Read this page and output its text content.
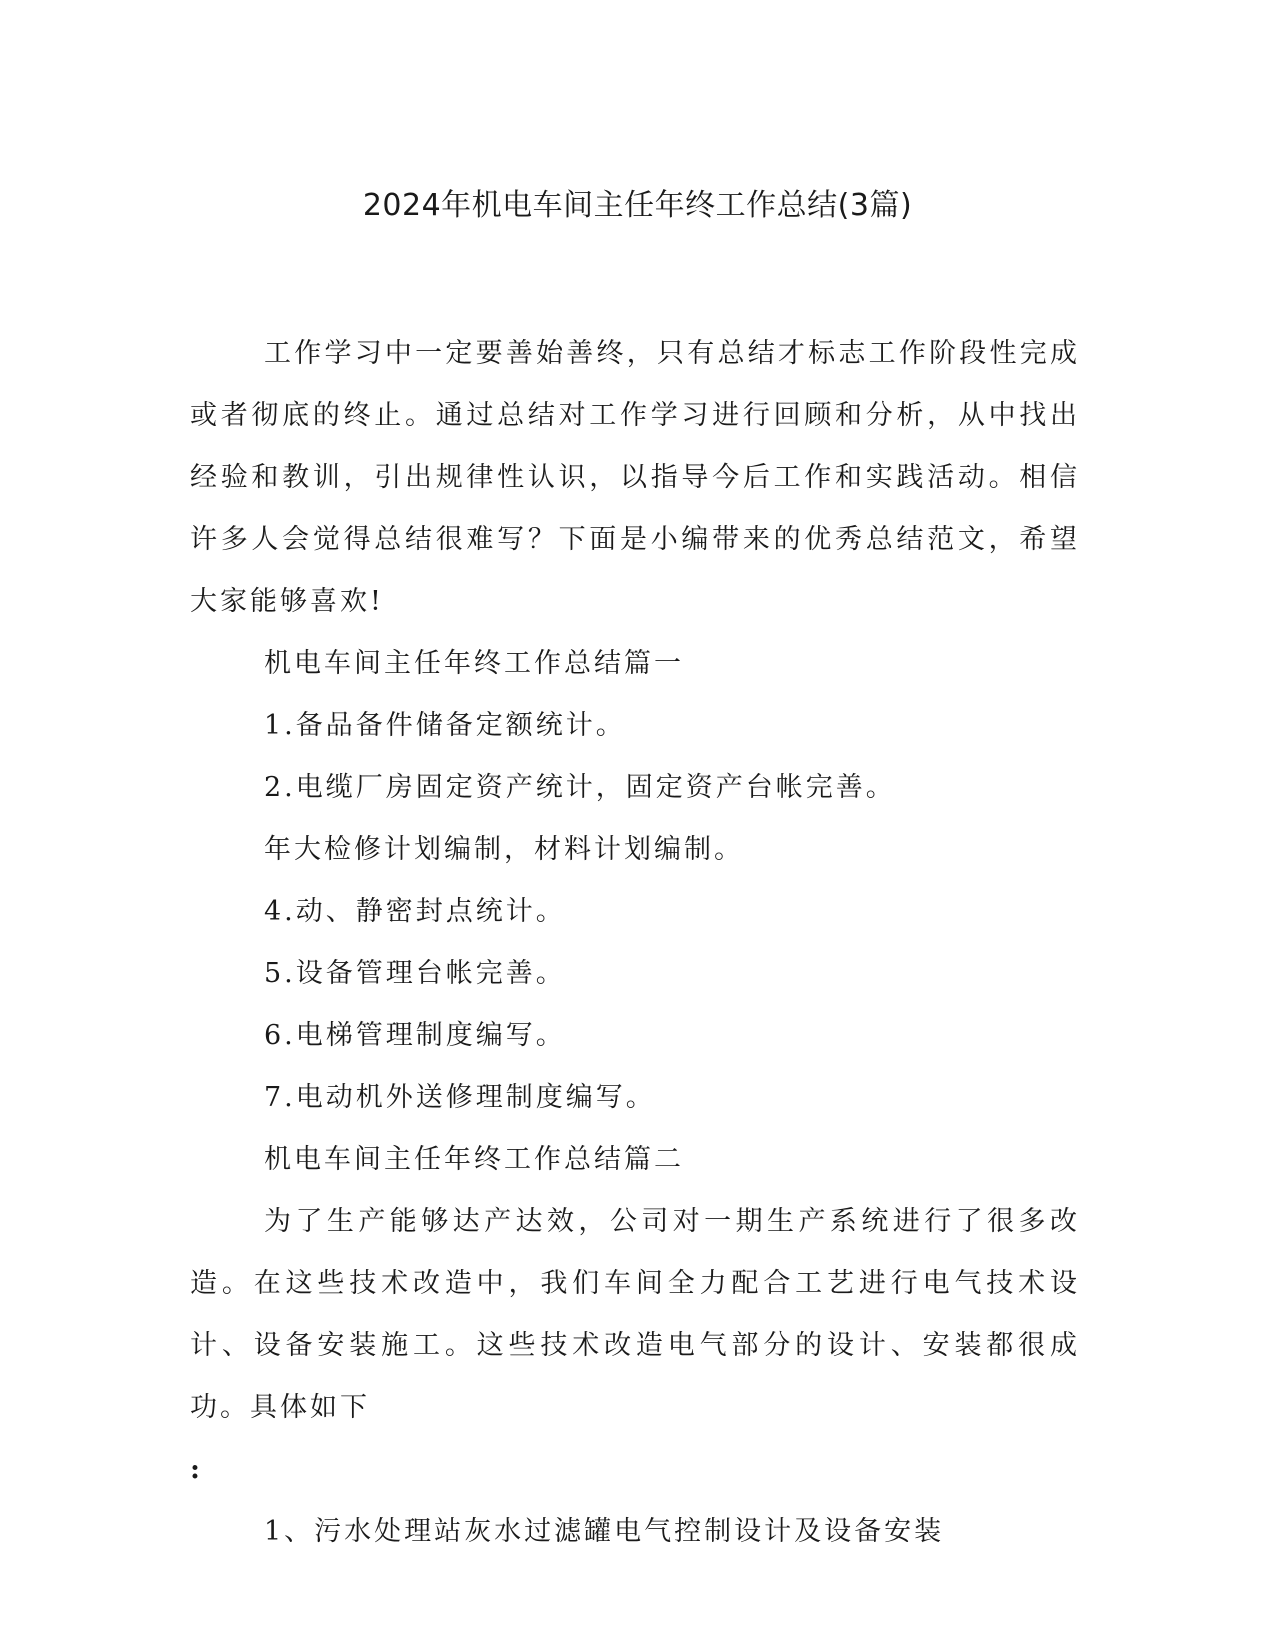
2024年机电车间主任年终工作总结(3篇)

工作学习中一定要善始善终，只有总结才标志工作阶段性完成或者彻底的终止。通过总结对工作学习进行回顾和分析，从中找出经验和教训，引出规律性认识，以指导今后工作和实践活动。相信许多人会觉得总结很难写？下面是小编带来的优秀总结范文，希望大家能够喜欢!

机电车间主任年终工作总结篇一

1.备品备件储备定额统计。

2.电缆厂房固定资产统计，固定资产台帐完善。

年大检修计划编制，材料计划编制。

4.动、静密封点统计。

5.设备管理台帐完善。

6.电梯管理制度编写。

7.电动机外送修理制度编写。

机电车间主任年终工作总结篇二

为了生产能够达产达效，公司对一期生产系统进行了很多改造。在这些技术改造中，我们车间全力配合工艺进行电气技术设计、设备安装施工。这些技术改造电气部分的设计、安装都很成功。具体如下

:

1、污水处理站灰水过滤罐电气控制设计及设备安装
